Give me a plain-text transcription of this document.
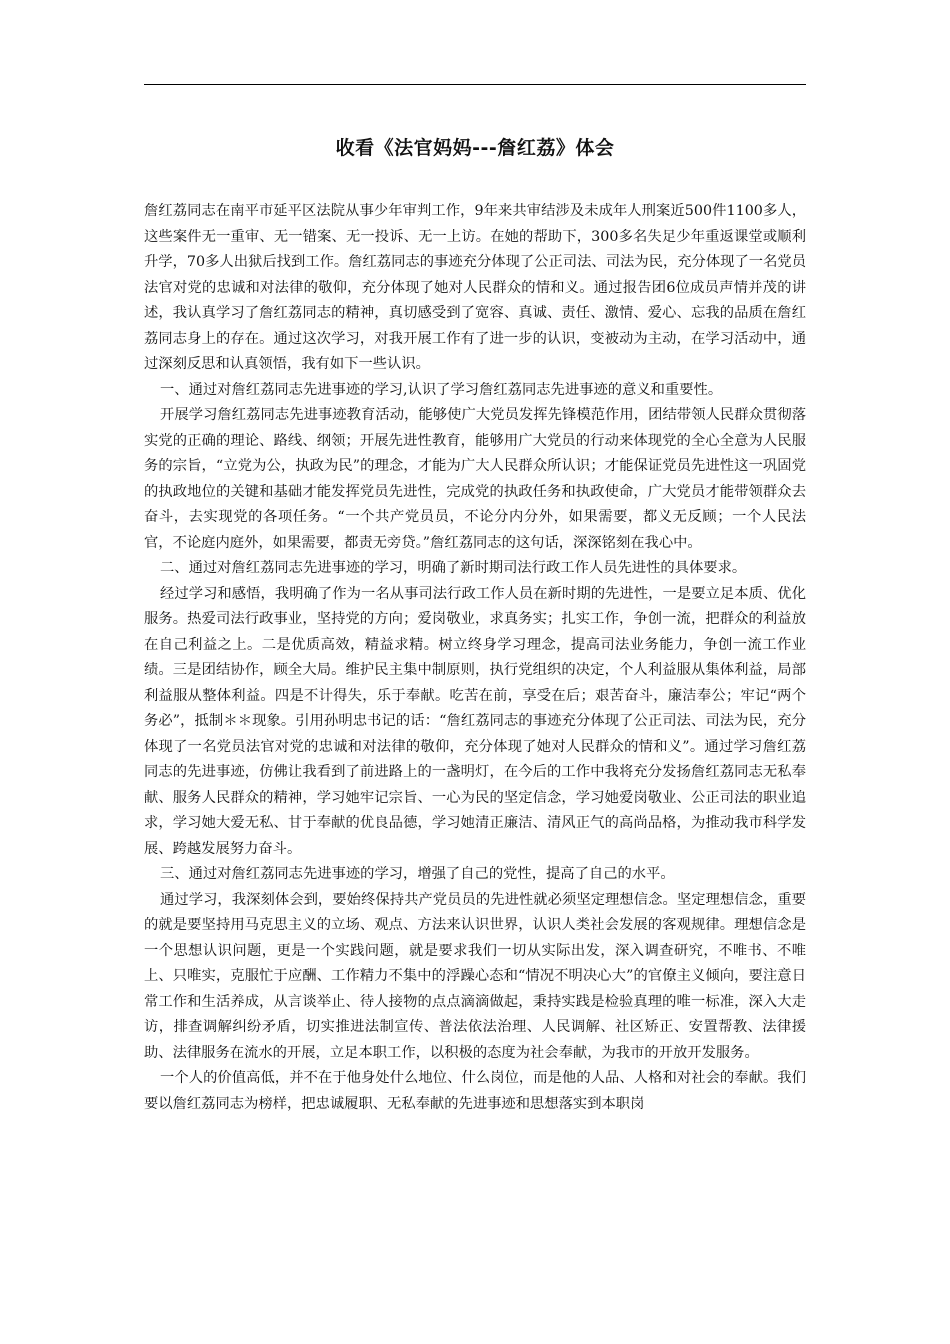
收看《法官妈妈---詹红荔》体会

詹红荔同志在南平市延平区法院从事少年审判工作，9年来共审结涉及未成年人刑案近500件1100多人，这些案件无一重审、无一错案、无一投诉、无一上访。在她的帮助下，300多名失足少年重返课堂或顺利升学，70多人出狱后找到工作。詹红荔同志的事迹充分体现了公正司法、司法为民，充分体现了一名党员法官对党的忠诚和对法律的敬仰，充分体现了她对人民群众的情和义。通过报告团6位成员声情并茂的讲述，我认真学习了詹红荔同志的精神，真切感受到了宽容、真诚、责任、激情、爱心、忘我的品质在詹红荔同志身上的存在。通过这次学习，对我开展工作有了进一步的认识，变被动为主动，在学习活动中，通过深刻反思和认真领悟，我有如下一些认识。

一、通过对詹红荔同志先进事迹的学习,认识了学习詹红荔同志先进事迹的意义和重要性。

开展学习詹红荔同志先进事迹教育活动，能够使广大党员发挥先锋模范作用，团结带领人民群众贯彻落实党的正确的理论、路线、纲领；开展先进性教育，能够用广大党员的行动来体现党的全心全意为人民服务的宗旨，“立党为公，执政为民”的理念，才能为广大人民群众所认识；才能保证党员先进性这一巩固党的执政地位的关键和基础才能发挥党员先进性，完成党的执政任务和执政使命，广大党员才能带领群众去奋斗，去实现党的各项任务。“一个共产党员员，不论分内分外，如果需要，都义无反顾；一个人民法官，不论庭内庭外，如果需要，都责无旁贷。”詹红荔同志的这句话，深深铭刻在我心中。

二、通过对詹红荔同志先进事迹的学习，明确了新时期司法行政工作人员先进性的具体要求。

经过学习和感悟，我明确了作为一名从事司法行政工作人员在新时期的先进性，一是要立足本质、优化服务。热爱司法行政事业，坚持党的方向；爱岗敬业，求真务实；扎实工作，争创一流，把群众的利益放在自己利益之上。二是优质高效，精益求精。树立终身学习理念，提高司法业务能力，争创一流工作业绩。三是团结协作，顾全大局。维护民主集中制原则，执行党组织的决定，个人利益服从集体利益，局部利益服从整体利益。四是不计得失，乐于奉献。吃苦在前，享受在后；艰苦奋斗，廉洁奉公；牢记“两个务必”，抵制＊＊现象。引用孙明忠书记的话：“詹红荔同志的事迹充分体现了公正司法、司法为民，充分体现了一名党员法官对党的忠诚和对法律的敬仰，充分体现了她对人民群众的情和义”。通过学习詹红荔同志的先进事迹，仿佛让我看到了前进路上的一盏明灯，在今后的工作中我将充分发扬詹红荔同志无私奉献、服务人民群众的精神，学习她牢记宗旨、一心为民的坚定信念，学习她爱岗敬业、公正司法的职业追求，学习她大爱无私、甘于奉献的优良品德，学习她清正廉洁、清风正气的高尚品格，为推动我市科学发展、跨越发展努力奋斗。

三、通过对詹红荔同志先进事迹的学习，增强了自己的党性，提高了自己的水平。

通过学习，我深刻体会到，要始终保持共产党员员的先进性就必须坚定理想信念。坚定理想信念，重要的就是要坚持用马克思主义的立场、观点、方法来认识世界，认识人类社会发展的客观规律。理想信念是一个思想认识问题，更是一个实践问题，就是要求我们一切从实际出发，深入调查研究，不唯书、不唯上、只唯实，克服忙于应酬、工作精力不集中的浮躁心态和“情况不明决心大”的官僚主义倾向，要注意日常工作和生活养成，从言谈举止、待人接物的点点滴滴做起，秉持实践是检验真理的唯一标准，深入大走访，排查调解纠纷矛盾，切实推进法制宣传、普法依法治理、人民调解、社区矫正、安置帮教、法律援助、法律服务在流水的开展，立足本职工作，以积极的态度为社会奉献，为我市的开放开发服务。

一个人的价值高低，并不在于他身处什么地位、什么岗位，而是他的人品、人格和对社会的奉献。我们要以詹红荔同志为榜样，把忠诚履职、无私奉献的先进事迹和思想落实到本职岗
